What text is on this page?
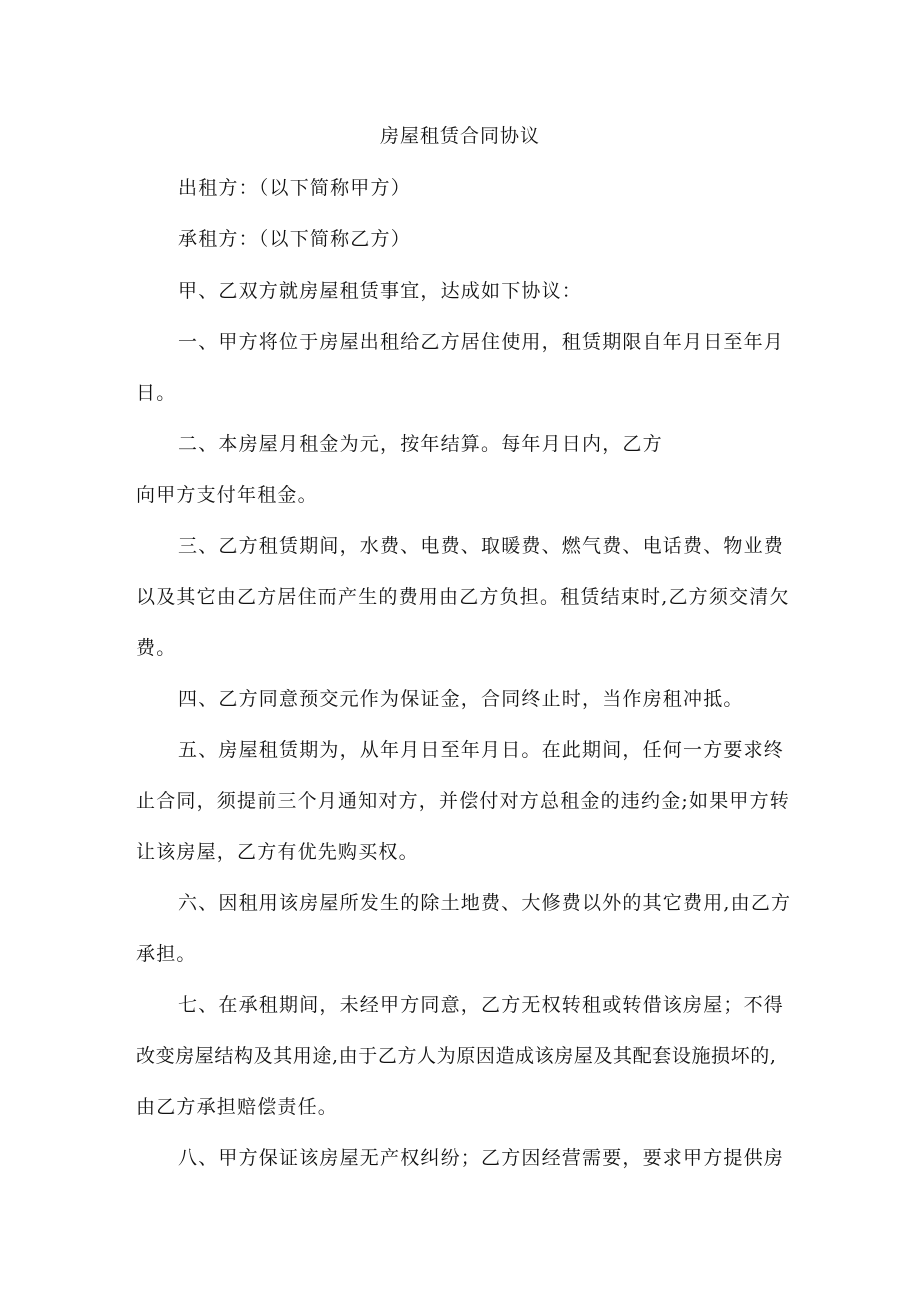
房屋租赁合同协议
出租方：（以下简称甲方）
承租方：（以下简称乙方）
甲、乙双方就房屋租赁事宜，达成如下协议：
一、甲方将位于房屋出租给乙方居住使用，租赁期限自年月日至年月
日。
二、本房屋月租金为元，按年结算。每年月日内，乙方
向甲方支付年租金。
三、乙方租赁期间，水费、电费、取暖费、燃气费、电话费、物业费
以及其它由乙方居住而产生的费用由乙方负担。租赁结束时,乙方须交清欠
费。
四、乙方同意预交元作为保证金，合同终止时，当作房租冲抵。
五、房屋租赁期为，从年月日至年月日。在此期间，任何一方要求终
止合同，须提前三个月通知对方，并偿付对方总租金的违约金;如果甲方转
让该房屋，乙方有优先购买权。
六、因租用该房屋所发生的除土地费、大修费以外的其它费用,由乙方
承担。
七、在承租期间，未经甲方同意，乙方无权转租或转借该房屋；不得
改变房屋结构及其用途,由于乙方人为原因造成该房屋及其配套设施损坏的,
由乙方承担赔偿责任。
八、甲方保证该房屋无产权纠纷；乙方因经营需要，要求甲方提供房
